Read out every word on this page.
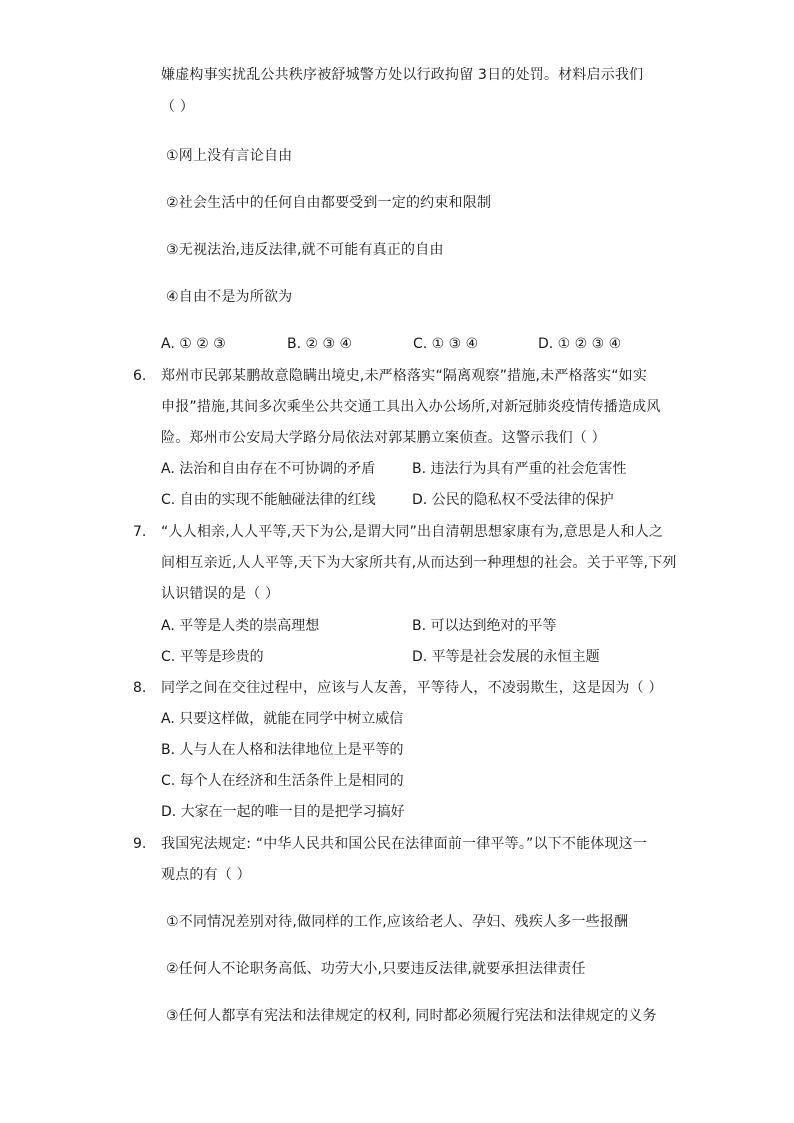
嫌虚构事实扰乱公共秩序被舒城警方处以行政拘留 3日的处罚。材料启示我们
（ ）
①网上没有言论自由
②社会生活中的任何自由都要受到一定的约束和限制
③无视法治,违反法律,就不可能有真正的自由
④自由不是为所欲为
A. ① ② ③	B. ② ③ ④	C. ① ③ ④	D. ① ② ③ ④
6. 郑州市民郭某鹏故意隐瞒出境史,未严格落实“隔离观察”措施,未严格落实“如实
申报”措施,其间多次乘坐公共交通工具出入办公场所,对新冠肺炎疫情传播造成风
险。郑州市公安局大学路分局依法对郭某鹏立案侦查。这警示我们（ ）
A. 法治和自由存在不可协调的矛盾	B. 违法行为具有严重的社会危害性
C. 自由的实现不能触碰法律的红线	D. 公民的隐私权不受法律的保护
7. “人人相亲,人人平等,天下为公,是谓大同”出自清朝思想家康有为,意思是人和人之
间相互亲近,人人平等,天下为大家所共有,从而达到一种理想的社会。关于平等,下列
认识错误的是（ ）
A. 平等是人类的崇高理想	B. 可以达到绝对的平等
C. 平等是珍贵的	D. 平等是社会发展的永恒主题
8. 同学之间在交往过程中，应该与人友善，平等待人，不凌弱欺生，这是因为（ ）
A. 只要这样做，就能在同学中树立威信
B. 人与人在人格和法律地位上是平等的
C. 每个人在经济和生活条件上是相同的
D. 大家在一起的唯一目的是把学习搞好
9. 我国宪法规定: “中华人民共和国公民在法律面前一律平等。”以下不能体现这一
观点的有（ ）
①不同情况差别对待,做同样的工作,应该给老人、孕妇、残疾人多一些报酬
②任何人不论职务高低、功劳大小,只要违反法律,就要承担法律责任
③任何人都享有宪法和法律规定的权利, 同时都必须履行宪法和法律规定的义务
